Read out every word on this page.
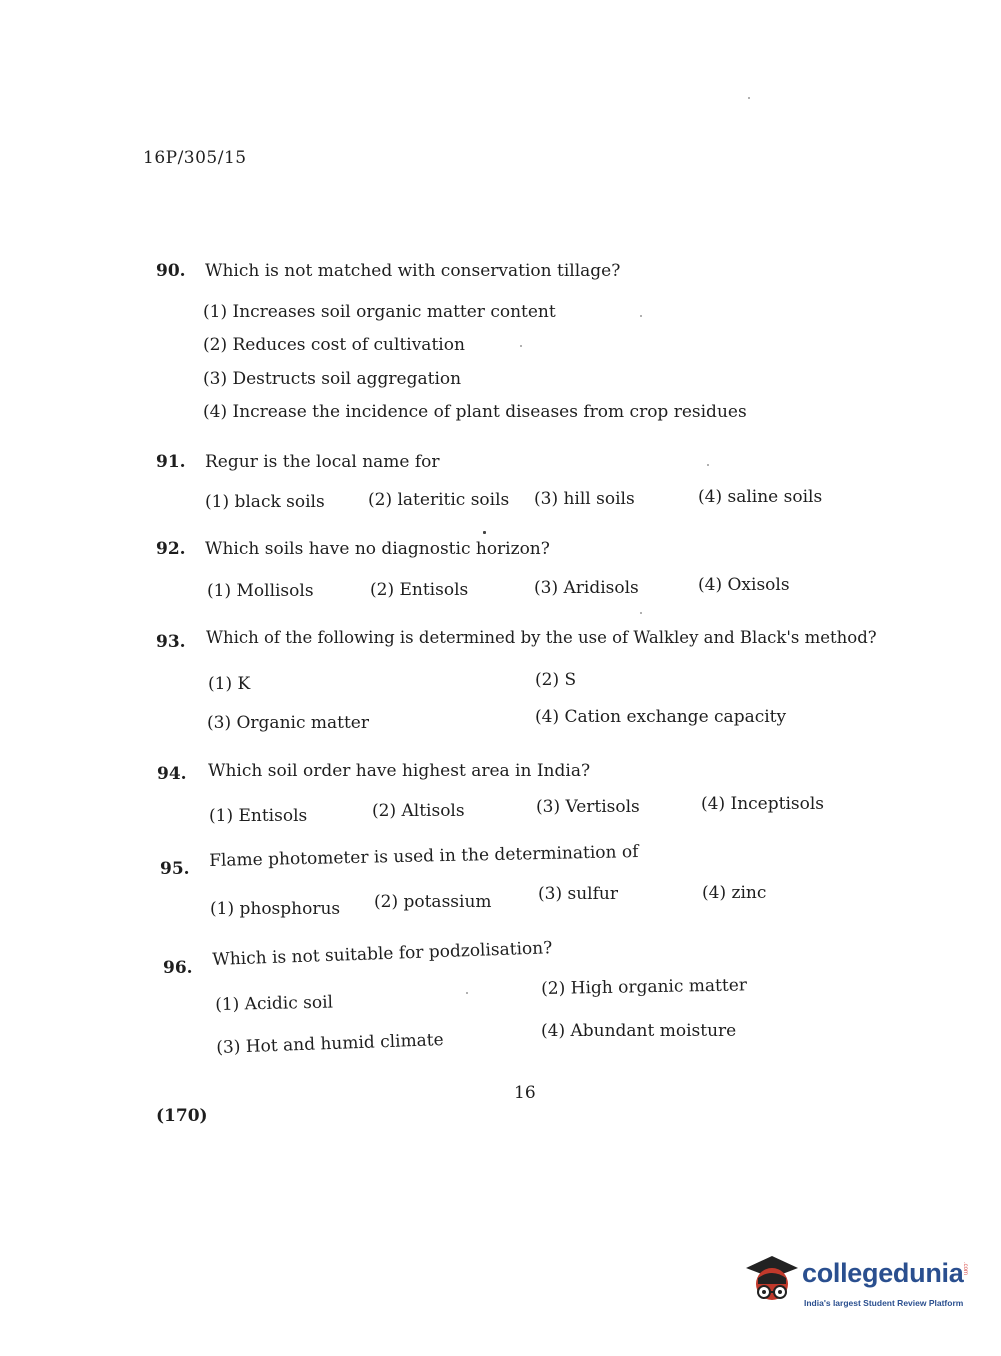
16P/305/15
90. Which is not matched with conservation tillage?
(1) Increases soil organic matter content
(2) Reduces cost of cultivation
(3) Destructs soil aggregation
(4) Increase the incidence of plant diseases from crop residues
91. Regur is the local name for
(1) black soils	(2) lateritic soils (3) hill soils	(4) saline soils
92. Which soils have no diagnostic horizon?
(1) Mollisols	(2) Entisols	(3) Aridisols	(4) Oxisols
93. Which of the following is determined by the use of Walkley and Black's method?
(1) K	(2) S
(3) Organic matter	(4) Cation exchange capacity
94. Which soil order have highest area in India?
(1) Entisols	(2) Altisols	(3) Vertisols	(4) Inceptisols
95. Flame photometer is used in the determination of
(1) phosphorus (2) potassium	(3) sulfur	(4) zinc
96. Which is not suitable for podzolisation?
(1) Acidic soil
(2) High organic matter
(3) Hot and humid climate	(4) Abundant moisture
16
(170)
collegedunia
.com
India's largest Student Review Platform
